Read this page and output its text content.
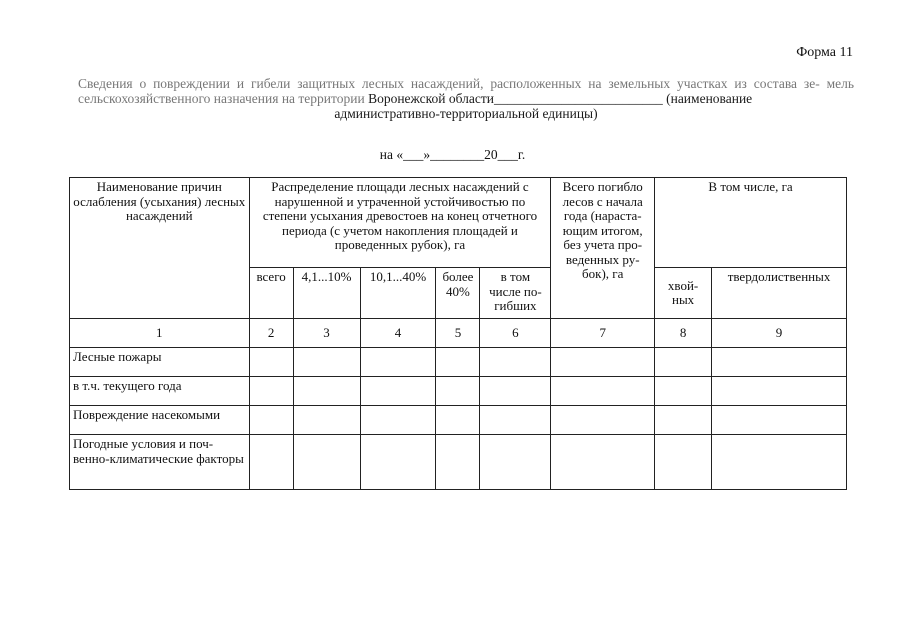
Форма 11
Сведения о повреждении и гибели защитных лесных насаждений, расположенных на земельных участках из состава зе- мель сельскохозяйственного назначения на территории Воронежской области_________________________ (наименование
административно-территориальной единицы)
на «___»________20___г.
Наименование причин ослабления (усыхания) лесных насаждений	Распределение площади лесных насаждений с нарушенной и утраченной устойчивостью по степени усыхания древостоев на конец отчетного периода (с учетом накопления площадей и проведенных рубок), га					Всего погибло лесов с начала года (нараста-ющим итогом, без учета про-веденных ру-бок), га	В том числе, га	
	всего	4,1...10%	10,1...40%	более 40%	в том числе по-гибших		хвой-ных	твердолиственных
1	2	3	4	5	6	7	8	9
Лесные пожары								
в т.ч. текущего года								
Повреждение насекомыми								
Погодные условия и поч-венно-климатические факторы								
